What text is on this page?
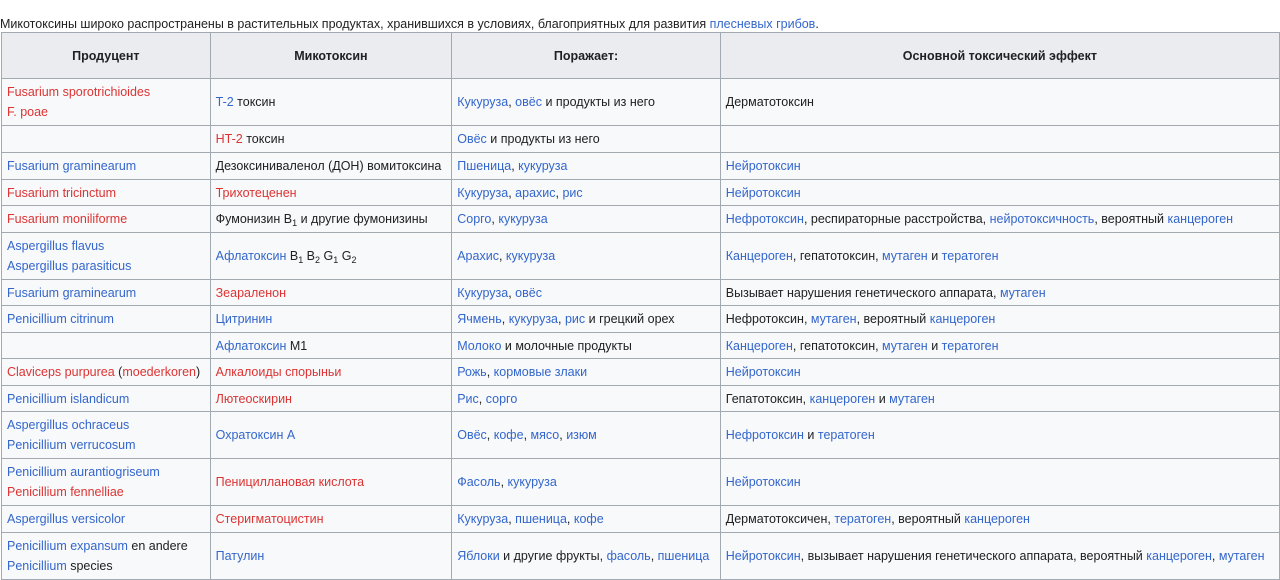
Микотоксины широко распространены в растительных продуктах, хранившихся в условиях, благоприятных для развития плесневых грибов.

Продуцент	Микотоксин	Поражает:	Основной токсический эффект

Fusarium sporotrichioides
F. poae	T-2 токсин	Кукуруза, овёс и продукты из него	Дерматотоксин

	HT-2 токсин	Овёс и продукты из него	

Fusarium graminearum	Дезоксиниваленол (ДОН) вомитоксина	Пшеница, кукуруза	Нейротоксин

Fusarium tricinctum	Трихотеценен	Кукуруза, арахис, рис	Нейротоксин

Fusarium moniliforme	Фумонизин $B_1$ и другие фумонизины	Сорго, кукуруза	Нефротоксин, респираторные расстройства, нейротоксичность, вероятный канцероген

Aspergillus flavus
Aspergillus parasiticus	Афлатоксин $B_1$ $B_2$ $G_1$ $G_2$	Арахис, кукуруза	Канцероген, гепатотоксин, мутаген и тератоген

Fusarium graminearum	Зеараленон	Кукуруза, овёс	Вызывает нарушения генетического аппарата, мутаген

Penicillium citrinum	Цитринин	Ячмень, кукуруза, рис и грецкий орех	Нефротоксин, мутаген, вероятный канцероген

	Афлатоксин M1	Молоко и молочные продукты	Канцероген, гепатотоксин, мутаген и тератоген

Claviceps purpurea (moederkoren)	Алкалоиды спорыньи	Рожь, кормовые злаки	Нейротоксин

Penicillium islandicum	Лютеоскирин	Рис, сорго	Гепатотоксин, канцероген и мутаген

Aspergillus ochraceus
Penicillium verrucosum	Охратоксин А	Овёс, кофе, мясо, изюм	Нефротоксин и тератоген

Penicillium aurantiogriseum
Penicillium fennelliae	Пенициллановая кислота	Фасоль, кукуруза	Нейротоксин

Aspergillus versicolor	Стеригматоцистин	Кукуруза, пшеница, кофе	Дерматотоксичен, тератоген, вероятный канцероген

Penicillium expansum en andere
Penicillium species	Патулин	Яблоки и другие фрукты, фасоль, пшеница	Нейротоксин, вызывает нарушения генетического аппарата, вероятный канцероген, мутаген
